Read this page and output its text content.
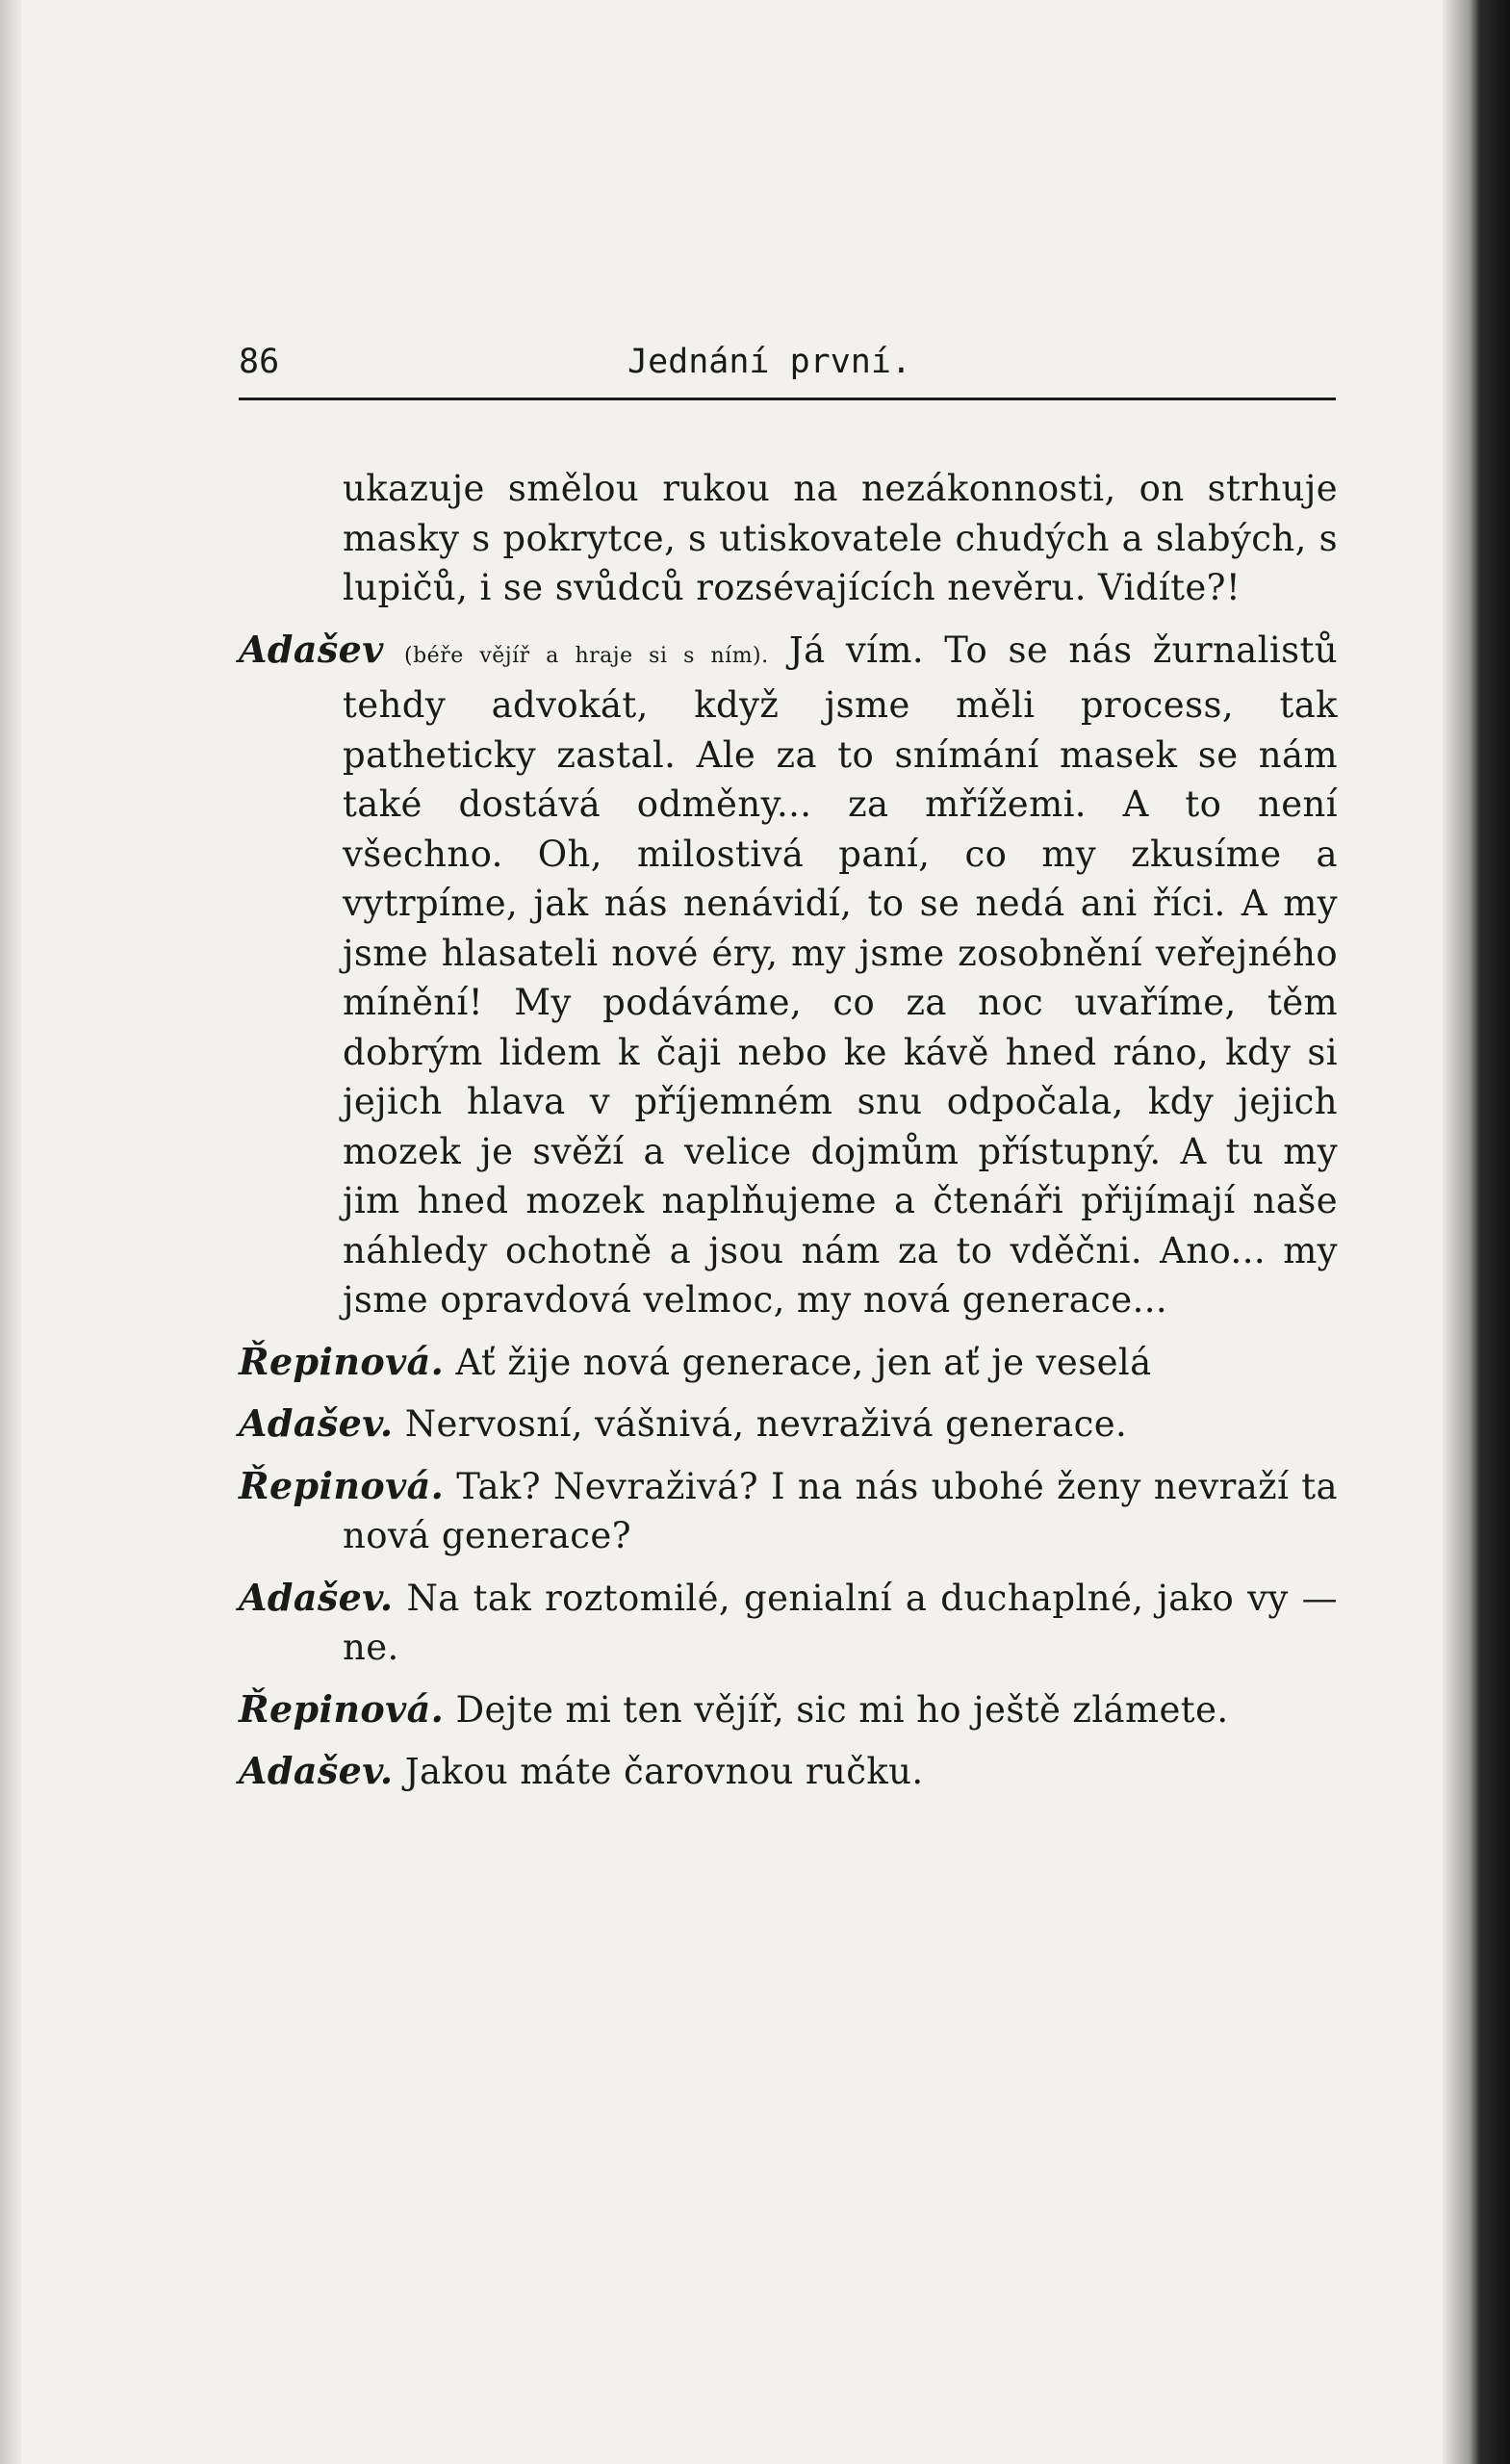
86	Jednání první.

ukazuje smělou rukou na nezákonnosti, on strhuje masky s pokrytce, s utiskovatele chudých a slabých, s lupičů, i se svůdců rozsévajících nevěru. Vidíte?!

Adašev (béře vějíř a hraje si s ním). Já vím. To se nás žurnalistů tehdy advokát, když jsme měli process, tak patheticky zastal. Ale za to snímání masek se nám také dostává odměny... za mřížemi. A to není všechno. Oh, milostivá paní, co my zkusíme a vytrpíme, jak nás nenávidí, to se nedá ani říci. A my jsme hlasateli nové éry, my jsme zosobnění veřejného mínění! My podáváme, co za noc uvaříme, těm dobrým lidem k čaji nebo ke kávě hned ráno, kdy si jejich hlava v příjemném snu odpočala, kdy jejich mozek je svěží a velice dojmům přístupný. A tu my jim hned mozek naplňujeme a čtenáři přijímají naše náhledy ochotně a jsou nám za to vděčni. Ano... my jsme opravdová velmoc, my nová generace...

Řepinová. Ať žije nová generace, jen ať je veselá

Adašev. Nervosní, vášnivá, nevraživá generace.

Řepinová. Tak? Nevraživá? I na nás ubohé ženy nevraží ta nová generace?

Adašev. Na tak roztomilé, genialní a duchaplné, jako vy — ne.

Řepinová. Dejte mi ten vějíř, sic mi ho ještě zlámete.

Adašev. Jakou máte čarovnou ručku.
